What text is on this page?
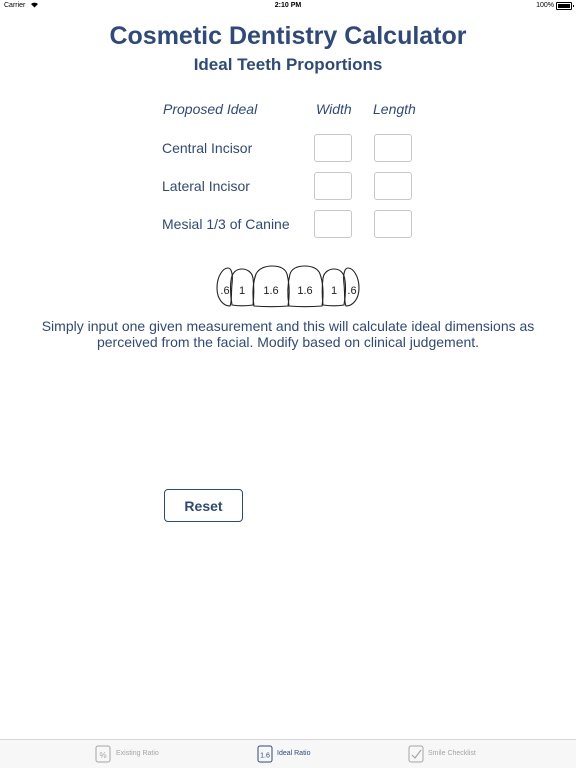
Carrier	2:10 PM	100%
Cosmetic Dentistry Calculator
Ideal Teeth Proportions
Proposed Ideal	Width Length
Central Incisor
Lateral Incisor
Mesial 1/3 of Canine
.6 1 1.6 1.6 1 .6
Simply input one given measurement and this will calculate ideal dimensions as perceived from the facial. Modify based on clinical judgement.
Reset
% Existing Ratio	1.6 Ideal Ratio	Smile Checklist
